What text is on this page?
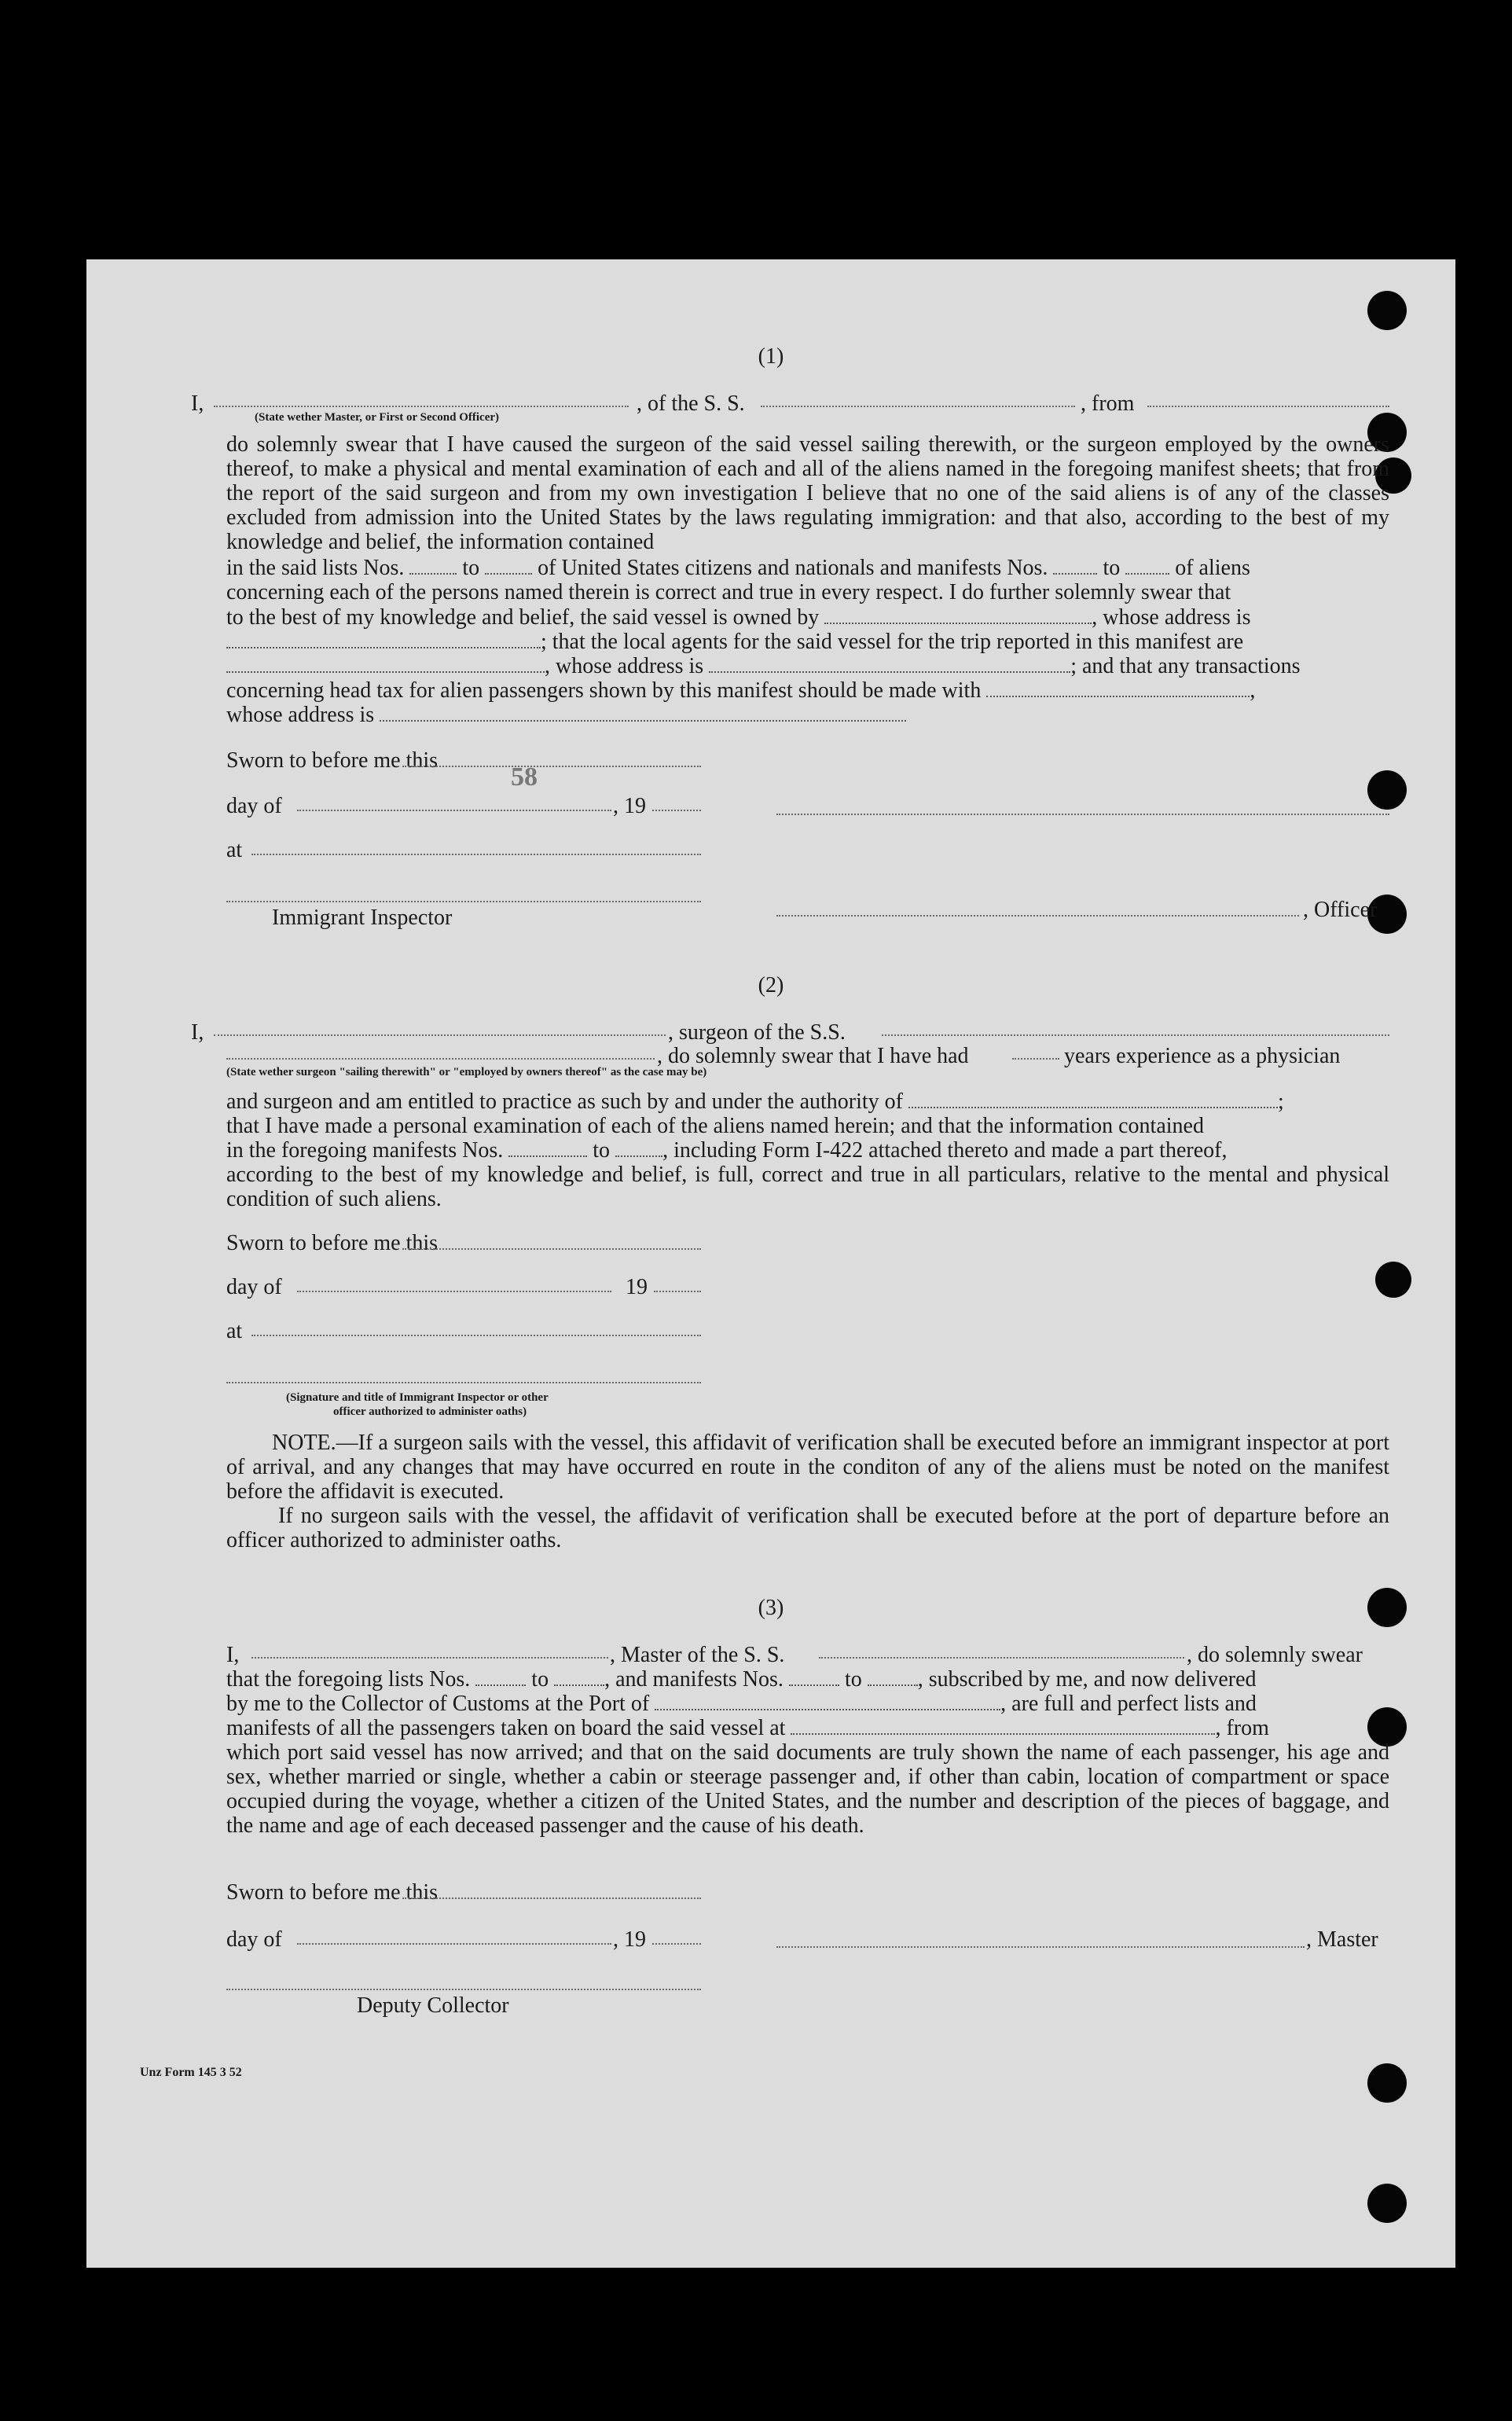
(1)
I,	, of the S. S.	, from
(State wether Master, or First or Second Officer)
do solemnly swear that I have caused the surgeon of the said vessel sailing therewith, or the surgeon employed by the owners thereof, to make a physical and mental examination of each and all of the aliens named in the foregoing manifest sheets; that from the report of the said surgeon and from my own investigation I believe that no one of the said aliens is of any of the classes excluded from admission into the United States by the laws regulating immigration: and that also, according to the best of my knowledge and belief, the information contained
in the said lists Nos.	to	of United States citizens and nationals and manifests Nos.	to	of aliens
concerning each of the persons named therein is correct and true in every respect. I do further solemnly swear that
to the best of my knowledge and belief, the said vessel is owned by	, whose address is
; that the local agents for the said vessel for the trip reported in this manifest are
, whose address is	; and that any transactions
concerning head tax for alien passengers shown by this manifest should be made with	,
whose address is
Sworn to before me this
58
day of	, 19
at
Immigrant Inspector	, Officer
(2)
I,	, surgeon of the S.S.
, do solemnly swear that I have had	years experience as a physician
(State wether surgeon "sailing therewith" or "employed by owners thereof" as the case may be)
and surgeon and am entitled to practice as such by and under the authority of	;
that I have made a personal examination of each of the aliens named herein; and that the information contained
in the foregoing manifests Nos.	to , including Form I-422 attached thereto and made a part thereof,
according to the best of my knowledge and belief, is full, correct and true in all particulars, relative to the mental and physical condition of such aliens.
Sworn to before me this
day of	19
at
(Signature and title of Immigrant Inspector or other
officer authorized to administer oaths)
NOTE.—If a surgeon sails with the vessel, this affidavit of verification shall be executed before an immigrant inspector at port of arrival, and any changes that may have occurred en route in the conditon of any of the aliens must be noted on the manifest before the affidavit is executed.
If no surgeon sails with the vessel, the affidavit of verification shall be executed before at the port of departure before an officer authorized to administer oaths.
(3)
I,	, Master of the S. S.	, do solemnly swear
that the foregoing lists Nos.	to	, and manifests Nos.	to	, subscribed by me, and now delivered
by me to the Collector of Customs at the Port of	, are full and perfect lists and
manifests of all the passengers taken on board the said vessel at	, from
which port said vessel has now arrived; and that on the said documents are truly shown the name of each passenger, his age and sex, whether married or single, whether a cabin or steerage passenger and, if other than cabin, location of compartment or space occupied during the voyage, whether a citizen of the United States, and the number and description of the pieces of baggage, and the name and age of each deceased passenger and the cause of his death.
Sworn to before me this
day of	, 19	, Master
Deputy Collector
Unz Form 145 3 52
